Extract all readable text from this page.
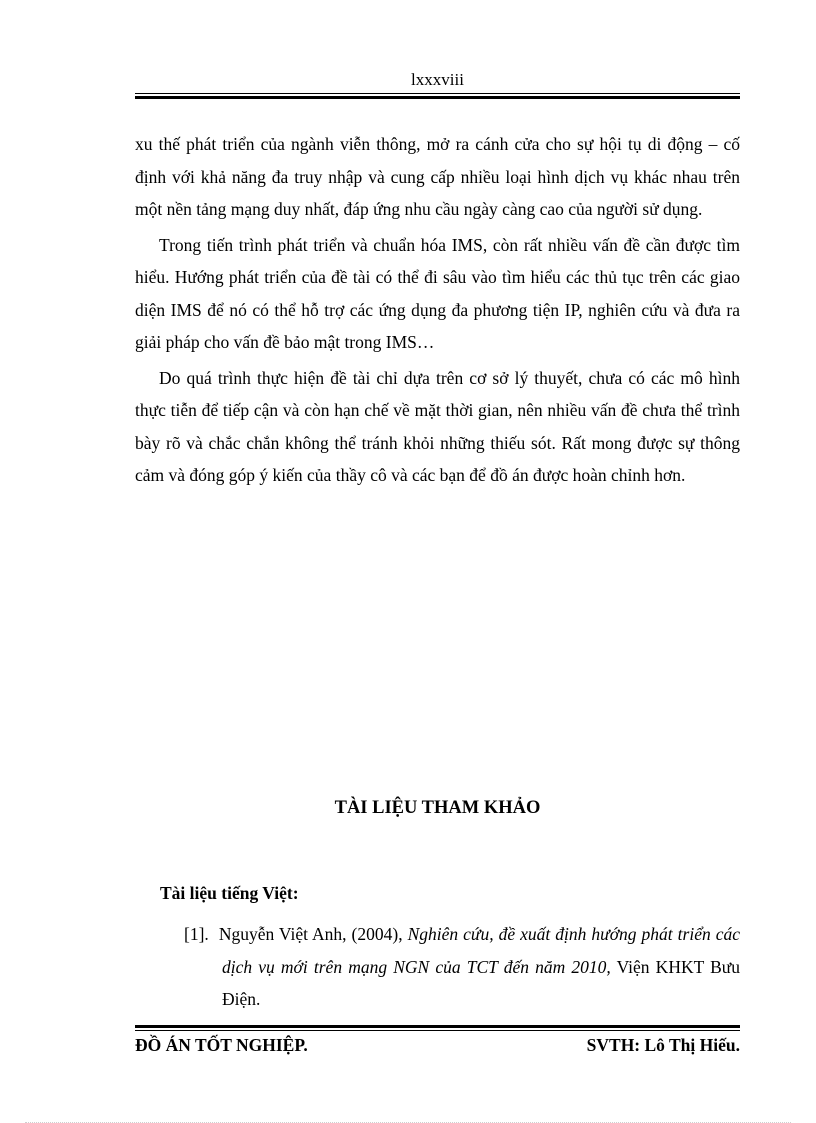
lxxxviii

xu thế phát triển của ngành viễn thông, mở ra cánh cửa cho sự hội tụ di động – cố định với khả năng đa truy nhập và cung cấp nhiều loại hình dịch vụ khác nhau trên một nền tảng mạng duy nhất, đáp ứng nhu cầu ngày càng cao của người sử dụng.

Trong tiến trình phát triển và chuẩn hóa IMS, còn rất nhiều vấn đề cần được tìm hiểu. Hướng phát triển của đề tài có thể đi sâu vào tìm hiểu các thủ tục trên các giao diện IMS để nó có thể hỗ trợ các ứng dụng đa phương tiện IP, nghiên cứu và đưa ra giải pháp cho vấn đề bảo mật trong IMS…

Do quá trình thực hiện đề tài chỉ dựa trên cơ sở lý thuyết, chưa có các mô hình thực tiễn để tiếp cận và còn hạn chế về mặt thời gian, nên nhiều vấn đề chưa thể trình bày rõ và chắc chắn không thể tránh khỏi những thiếu sót. Rất mong được sự thông cảm và đóng góp ý kiến của thầy cô và các bạn để đồ án được hoàn chỉnh hơn.

TÀI LIỆU THAM KHẢO
Tài liệu tiếng Việt:
[1]. Nguyễn Việt Anh, (2004), Nghiên cứu, đề xuất định hướng phát triển các dịch vụ mới trên mạng NGN của TCT đến năm 2010, Viện KHKT Bưu Điện.
ĐỒ ÁN TỐT NGHIỆP.	SVTH: Lô Thị Hiếu.
